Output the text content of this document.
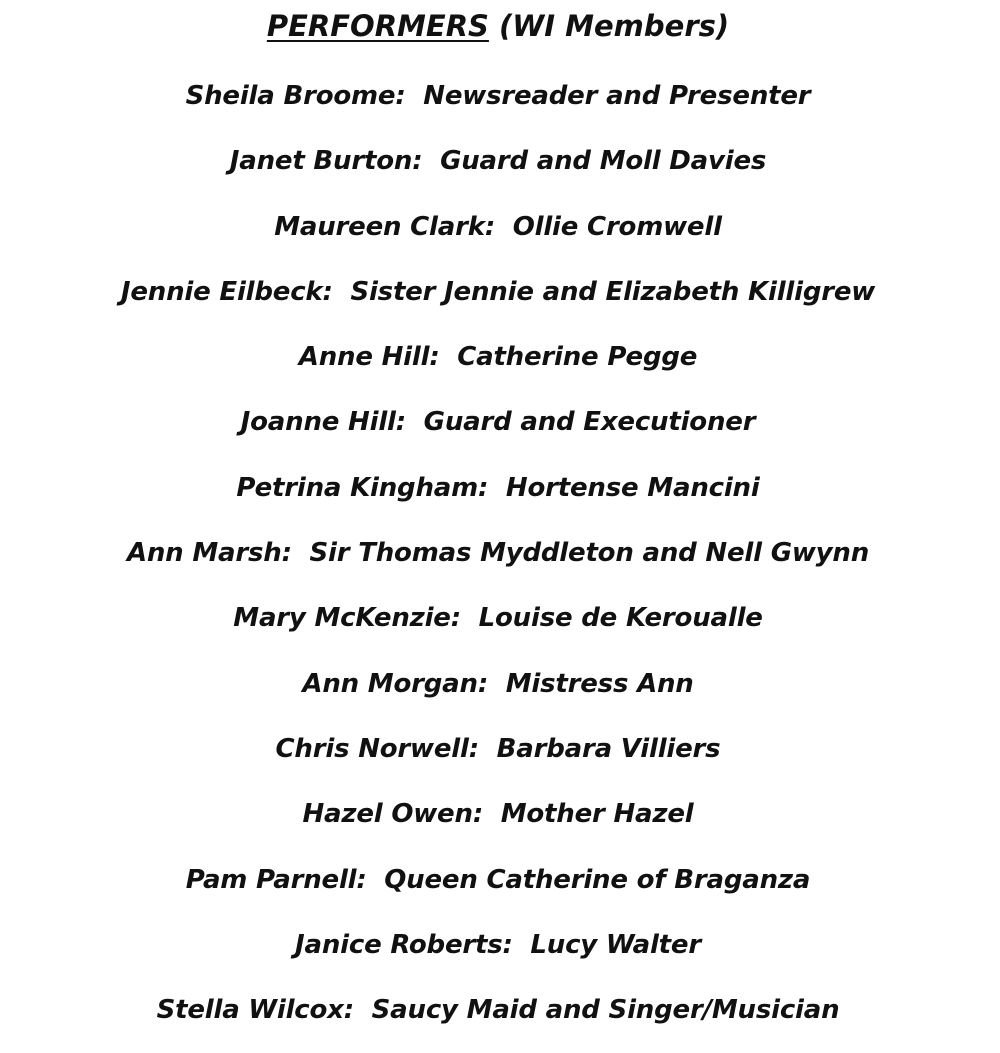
PERFORMERS (WI Members)
Sheila Broome:  Newsreader and Presenter
Janet Burton:  Guard and Moll Davies
Maureen Clark:  Ollie Cromwell
Jennie Eilbeck:  Sister Jennie and Elizabeth Killigrew
Anne Hill:  Catherine Pegge
Joanne Hill:  Guard and Executioner
Petrina Kingham:  Hortense Mancini
Ann Marsh:  Sir Thomas Myddleton and Nell Gwynn
Mary McKenzie:  Louise de Keroualle
Ann Morgan:  Mistress Ann
Chris Norwell:  Barbara Villiers
Hazel Owen:  Mother Hazel
Pam Parnell:  Queen Catherine of Braganza
Janice Roberts:  Lucy Walter
Stella Wilcox:  Saucy Maid and Singer/Musician
